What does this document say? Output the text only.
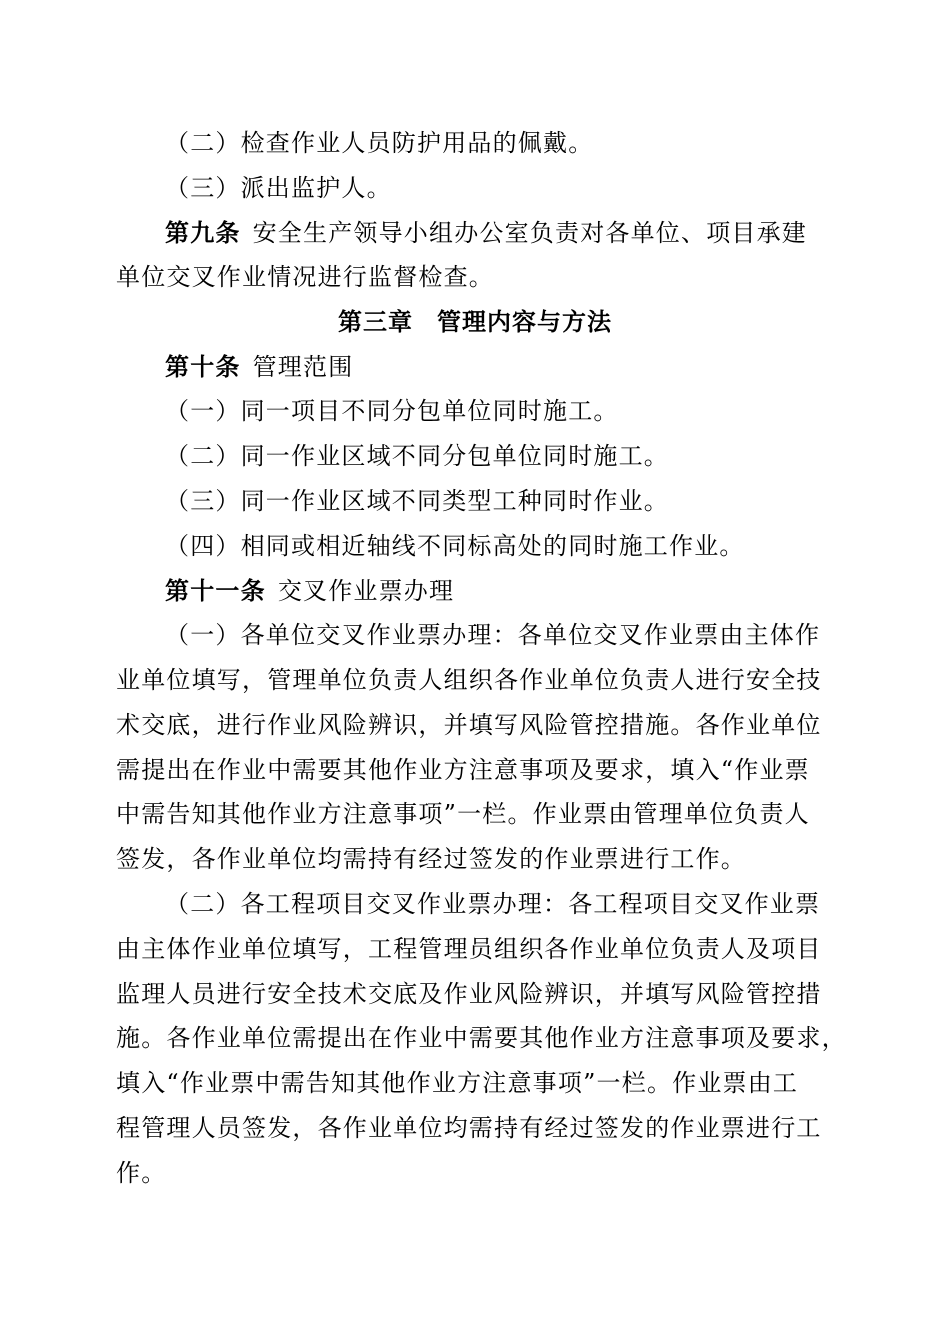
（二）检查作业人员防护用品的佩戴。
（三）派出监护人。
第九条 安全生产领导小组办公室负责对各单位、项目承建
单位交叉作业情况进行监督检查。
第三章 管理内容与方法
第十条 管理范围
（一）同一项目不同分包单位同时施工。
（二）同一作业区域不同分包单位同时施工。
（三）同一作业区域不同类型工种同时作业。
（四）相同或相近轴线不同标高处的同时施工作业。
第十一条 交叉作业票办理
（一）各单位交叉作业票办理：各单位交叉作业票由主体作
业单位填写，管理单位负责人组织各作业单位负责人进行安全技
术交底，进行作业风险辨识，并填写风险管控措施。各作业单位
需提出在作业中需要其他作业方注意事项及要求，填入“作业票
中需告知其他作业方注意事项”一栏。作业票由管理单位负责人
签发，各作业单位均需持有经过签发的作业票进行工作。
（二）各工程项目交叉作业票办理：各工程项目交叉作业票
由主体作业单位填写，工程管理员组织各作业单位负责人及项目
监理人员进行安全技术交底及作业风险辨识，并填写风险管控措
施。各作业单位需提出在作业中需要其他作业方注意事项及要求，
填入“作业票中需告知其他作业方注意事项”一栏。作业票由工
程管理人员签发，各作业单位均需持有经过签发的作业票进行工
作。
